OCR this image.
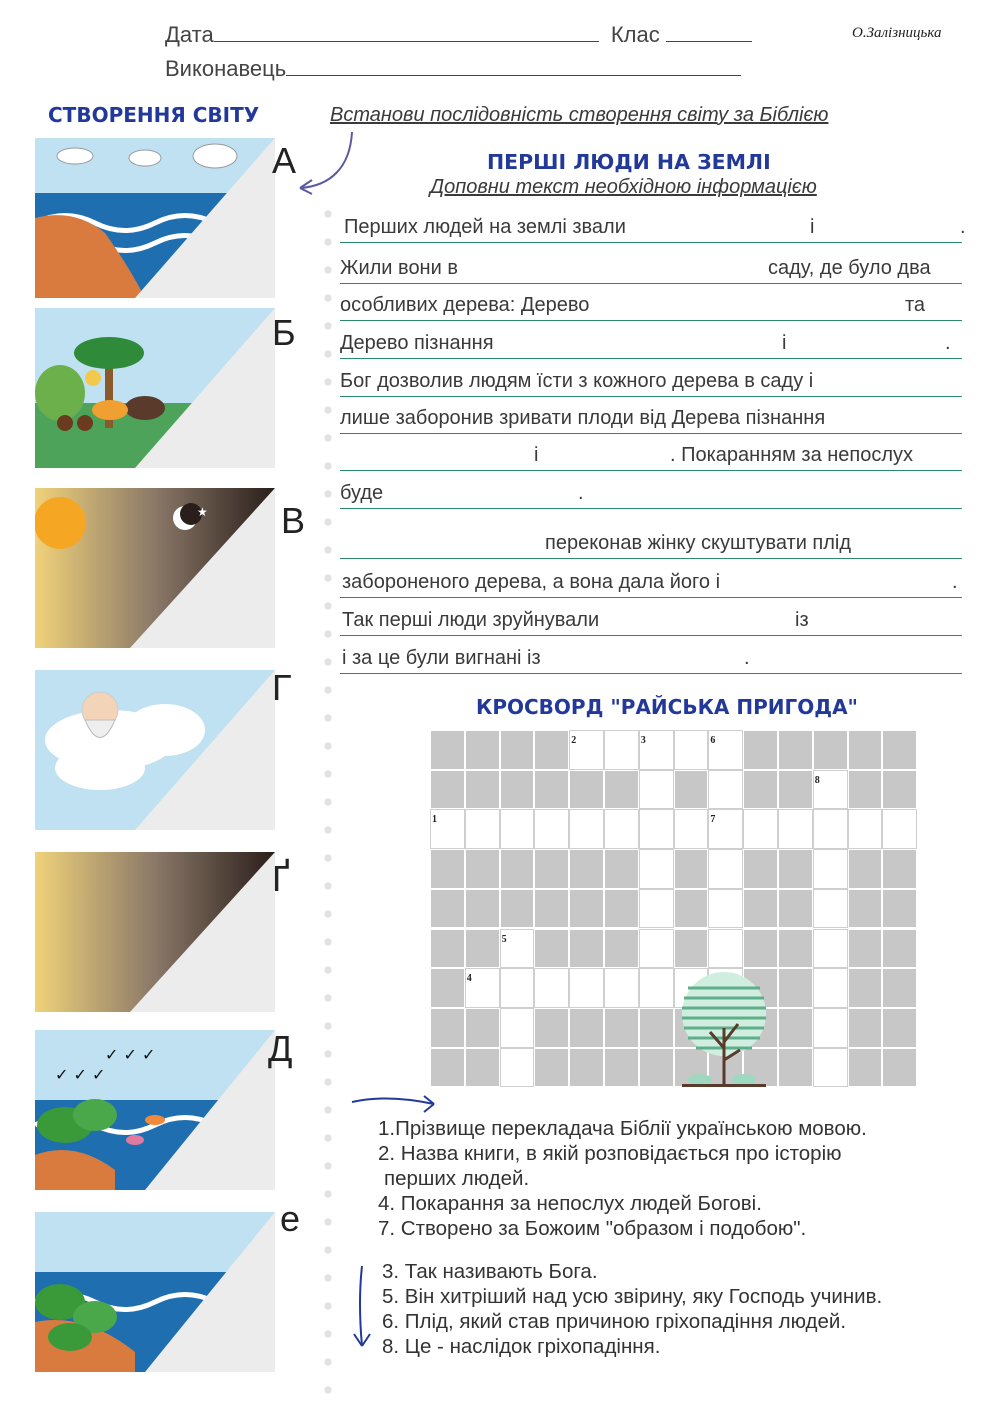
Дата	Клас
Виконавець
О.Залізницька
СТВОРЕННЯ СВІТУ	Встанови послідовність створення світу за Біблією
А
Б
★ В
Г
Ґ
✓ ✓ ✓
✓ ✓ ✓
Д
е
ПЕРШІ ЛЮДИ НА ЗЕМЛІ
Доповни текст необхідною інформацією
Перших людей на землі звали	і	.
Жили вони в	саду, де було два
особливих дерева: Дерево	та
Дерево пізнання	і	.
Бог дозволив людям їсти з кожного дерева в саду і
лише заборонив зривати плоди від Дерева пізнання
і	. Покаранням за непослух
буде	.
переконав жінку скуштувати плід
забороненого дерева, а вона дала його і	.
Так перші люди зруйнували	із
і за це були вигнані із	.
КРОСВОРД "РАЙСЬКА ПРИГОДА"
2	3	6
8
1	7
5
4
1.Прізвище перекладача Біблії українською мовою.
2. Назва книги, в якій розповідається про історію
перших людей.
4. Покарання за непослух людей Богові.
7. Створено за Божоим "образом і подобою".
3. Так називають Бога.
5. Він хитріший над усю звірину, яку Господь учинив.
6. Плід, який став причиною гріхопадіння людей.
8. Це - наслідок гріхопадіння.
